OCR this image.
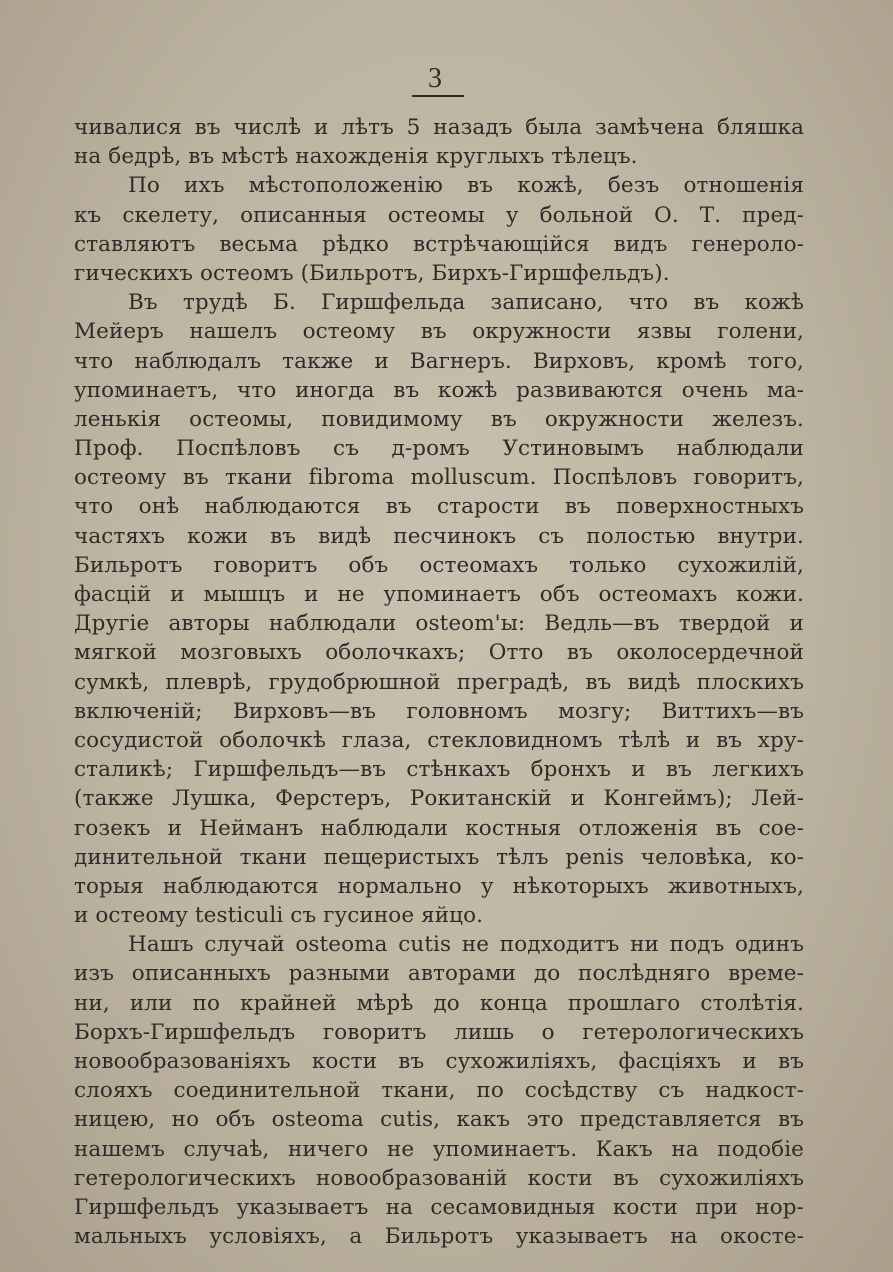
3
чивалися въ числѣ и лѣтъ 5 назадъ была замѣчена бляшка
на бедрѣ, въ мѣстѣ нахожденія круглыхъ тѣлецъ.
По ихъ мѣстоположенію въ кожѣ, безъ отношенія
къ скелету, описанныя остеомы у больной О. Т. пред-
ставляютъ весьма рѣдко встрѣчающійся видъ генероло-
гическихъ остеомъ (Бильротъ, Бирхъ-Гиршфельдъ).
Въ трудѣ Б. Гиршфельда записано, что въ кожѣ
Мейеръ нашелъ остеому въ окружности язвы голени,
что наблюдалъ также и Вагнеръ. Вирховъ, кромѣ того,
упоминаетъ, что иногда въ кожѣ развиваются очень ма-
ленькія остеомы, повидимому въ окружности железъ.
Проф. Поспѣловъ съ д-ромъ Устиновымъ наблюдали
остеому въ ткани fibroma molluscum. Поспѣловъ говоритъ,
что онѣ наблюдаются въ старости въ поверхностныхъ
частяхъ кожи въ видѣ песчинокъ съ полостью внутри.
Бильротъ говоритъ объ остеомахъ только сухожилій,
фасцій и мышцъ и не упоминаетъ объ остеомахъ кожи.
Другіе авторы наблюдали osteom'ы: Ведль—въ твердой и
мягкой мозговыхъ оболочкахъ; Отто въ околосердечной
сумкѣ, плеврѣ, грудобрюшной преградѣ, въ видѣ плоскихъ
включеній; Вирховъ—въ головномъ мозгу; Виттихъ—въ
сосудистой оболочкѣ глаза, стекловидномъ тѣлѣ и въ хру-
сталикѣ; Гиршфельдъ—въ стѣнкахъ бронхъ и въ легкихъ
(также Лушка, Ферстеръ, Рокитанскій и Конгеймъ); Лей-
гозекъ и Нейманъ наблюдали костныя отложенія въ сое-
динительной ткани пещеристыхъ тѣлъ penis человѣка, ко-
торыя наблюдаются нормально у нѣкоторыхъ животныхъ,
и остеому testiculi съ гусиное яйцо.
Нашъ случай osteoma cutis не подходитъ ни подъ одинъ
изъ описанныхъ разными авторами до послѣдняго време-
ни, или по крайней мѣрѣ до конца прошлаго столѣтія.
Борхъ-Гиршфельдъ говоритъ лишь о гетерологическихъ
новообразованіяхъ кости въ сухожиліяхъ, фасціяхъ и въ
слояхъ соединительной ткани, по сосѣдству съ надкост-
ницею, но объ osteoma cutis, какъ это представляется въ
нашемъ случаѣ, ничего не упоминаетъ. Какъ на подобіе
гетерологическихъ новообразованій кости въ сухожиліяхъ
Гиршфельдъ указываетъ на сесамовидныя кости при нор-
мальныхъ условіяхъ, а Бильротъ указываетъ на окосте-
